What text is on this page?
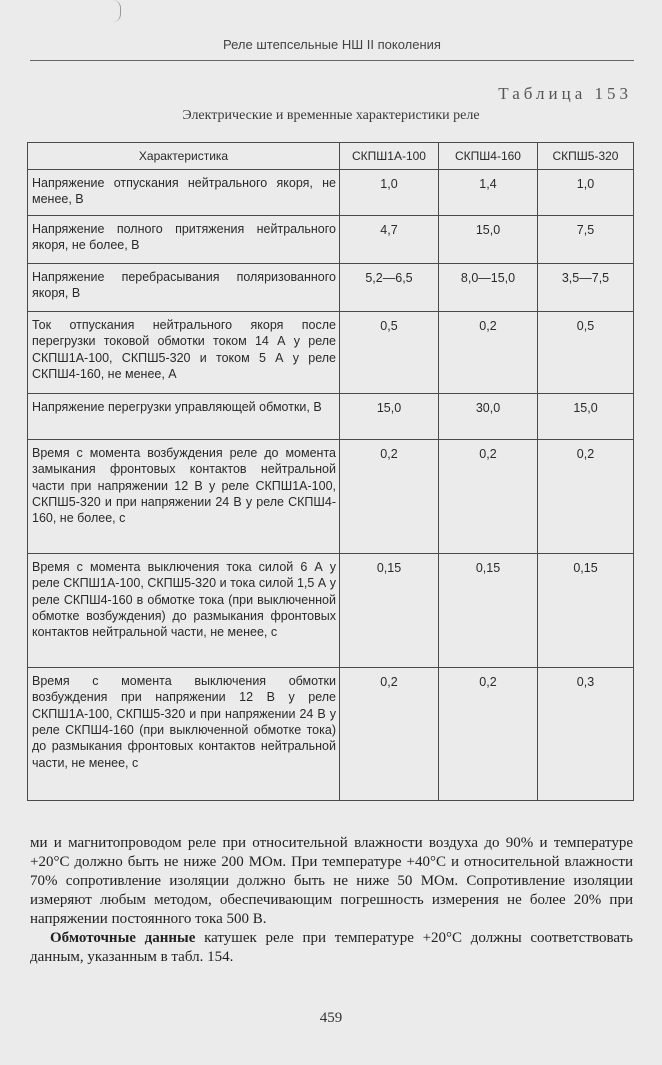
Реле штепсельные НШ II поколения
Таблица 153
Электрические и временные характеристики реле
Характеристика	СКПШ1А-100	СКПШ4-160	СКПШ5-320
Напряжение отпускания нейтрального якоря, не менее, В	1,0	1,4	1,0
Напряжение полного притяжения нейтрального якоря, не более, В	4,7	15,0	7,5
Напряжение перебрасывания поляризованного якоря, В	5,2—6,5	8,0—15,0	3,5—7,5
Ток отпускания нейтрального якоря после перегрузки токовой обмотки током 14 А у реле СКПШ1А-100, СКПШ5-320 и током 5 А у реле СКПШ4-160, не менее, А	0,5	0,2	0,5
Напряжение перегрузки управляющей обмотки, В	15,0	30,0	15,0
Время с момента возбуждения реле до момента замыкания фронтовых контактов нейтральной части при напряжении 12 В у реле СКПШ1А-100, СКПШ5-320 и при напряжении 24 В у реле СКПШ4-160, не более, с	0,2	0,2	0,2
Время с момента выключения тока силой 6 А у реле СКПШ1А-100, СКПШ5-320 и тока силой 1,5 А у реле СКПШ4-160 в обмотке тока (при выключенной обмотке возбуждения) до размыкания фронтовых контактов нейтральной части, не менее, с	0,15	0,15	0,15
Время с момента выключения обмотки возбуждения при напряжении 12 В у реле СКПШ1А-100, СКПШ5-320 и при напряжении 24 В у реле СКПШ4-160 (при выключенной обмотке тока) до размыкания фронтовых контактов нейтральной части, не менее, с	0,2	0,2	0,3

ми и магнитопроводом реле при относительной влажности воздуха до 90% и температуре +20°С должно быть не ниже 200 МОм. При температуре +40°С и относительной влажности 70% сопротивление изоляции должно быть не ниже 50 МОм. Сопротивление изоляции измеряют любым методом, обеспечивающим погрешность измерения не более 20% при напряжении постоянного тока 500 В.

Обмоточные данные катушек реле при температуре +20°С должны соответствовать данным, указанным в табл. 154.

459
